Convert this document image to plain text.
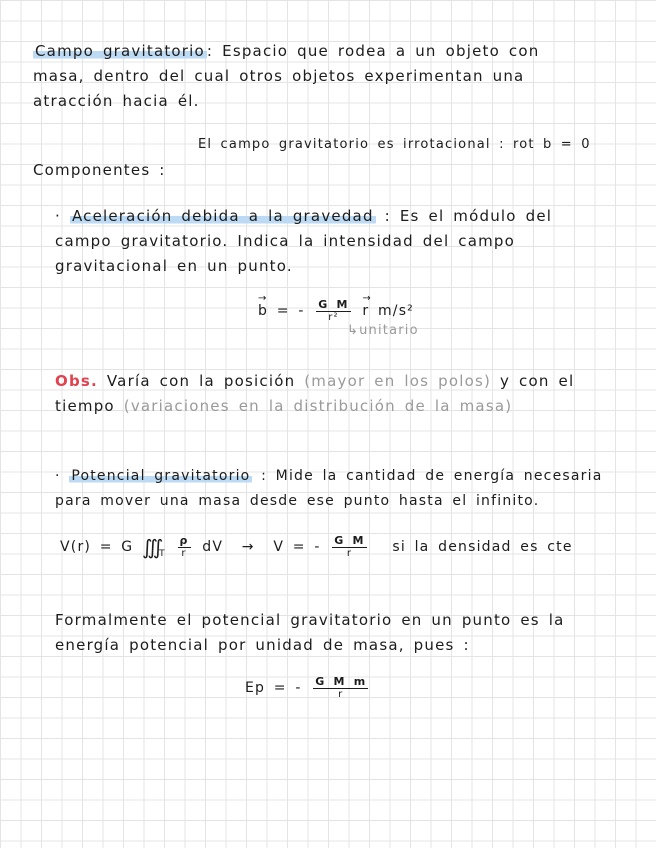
Campo gravitatorio : Espacio que rodea a un objeto con
masa, dentro del cual otros objetos experimentan una
atracción hacia él.
El campo gravitatorio es irrotacional : rot b = 0
Componentes :
· Aceleración debida a la gravedad : Es el módulo del
campo gravitatorio. Indica la intensidad del campo
gravitacional en un punto.
→ b = - $\frac{\text{G M}}{\text{r²}}$
→ r m/s²
↳unitario
Obs. Varía con la posición (mayor en los polos) y con el
tiempo (variaciones en la distribución de la masa)
· Potencial gravitatorio : Mide la cantidad de energía necesaria
para mover una masa desde ese punto hasta el infinito.
V(r) = G $∭_T \frac{\rho}{r}$ dV → V = - $\frac{\text{G M}}{r}$ si la densidad es cte
Formalmente el potencial gravitatorio en un punto es la
energía potencial por unidad de masa, pues :
Ep = - $\frac{\text{G M m}}{r}$
